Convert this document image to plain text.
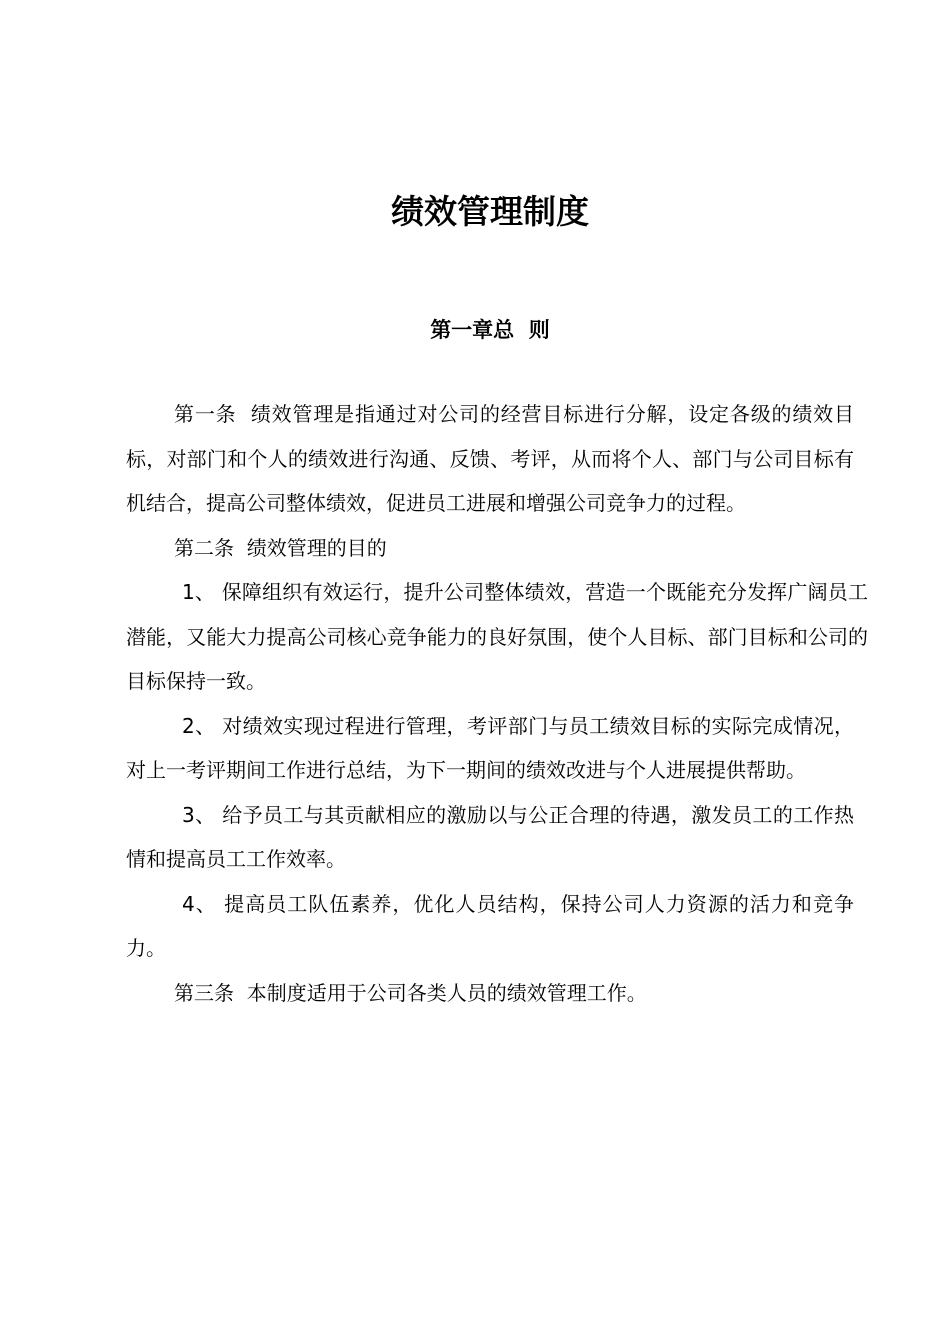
绩效管理制度
第一章总  则

第一条  绩效管理是指通过对公司的经营目标进行分解，设定各级的绩效目标，对部门和个人的绩效进行沟通、反馈、考评，从而将个人、部门与公司目标有机结合，提高公司整体绩效，促进员工进展和增强公司竞争力的过程。

第二条  绩效管理的目的

1、 保障组织有效运行，提升公司整体绩效，营造一个既能充分发挥广阔员工潜能，又能大力提高公司核心竞争能力的良好氛围，使个人目标、部门目标和公司的目标保持一致。

2、 对绩效实现过程进行管理，考评部门与员工绩效目标的实际完成情况，对上一考评期间工作进行总结，为下一期间的绩效改进与个人进展提供帮助。

3、 给予员工与其贡献相应的激励以与公正合理的待遇，激发员工的工作热情和提高员工工作效率。

4、 提高员工队伍素养，优化人员结构，保持公司人力资源的活力和竞争力。

第三条  本制度适用于公司各类人员的绩效管理工作。
